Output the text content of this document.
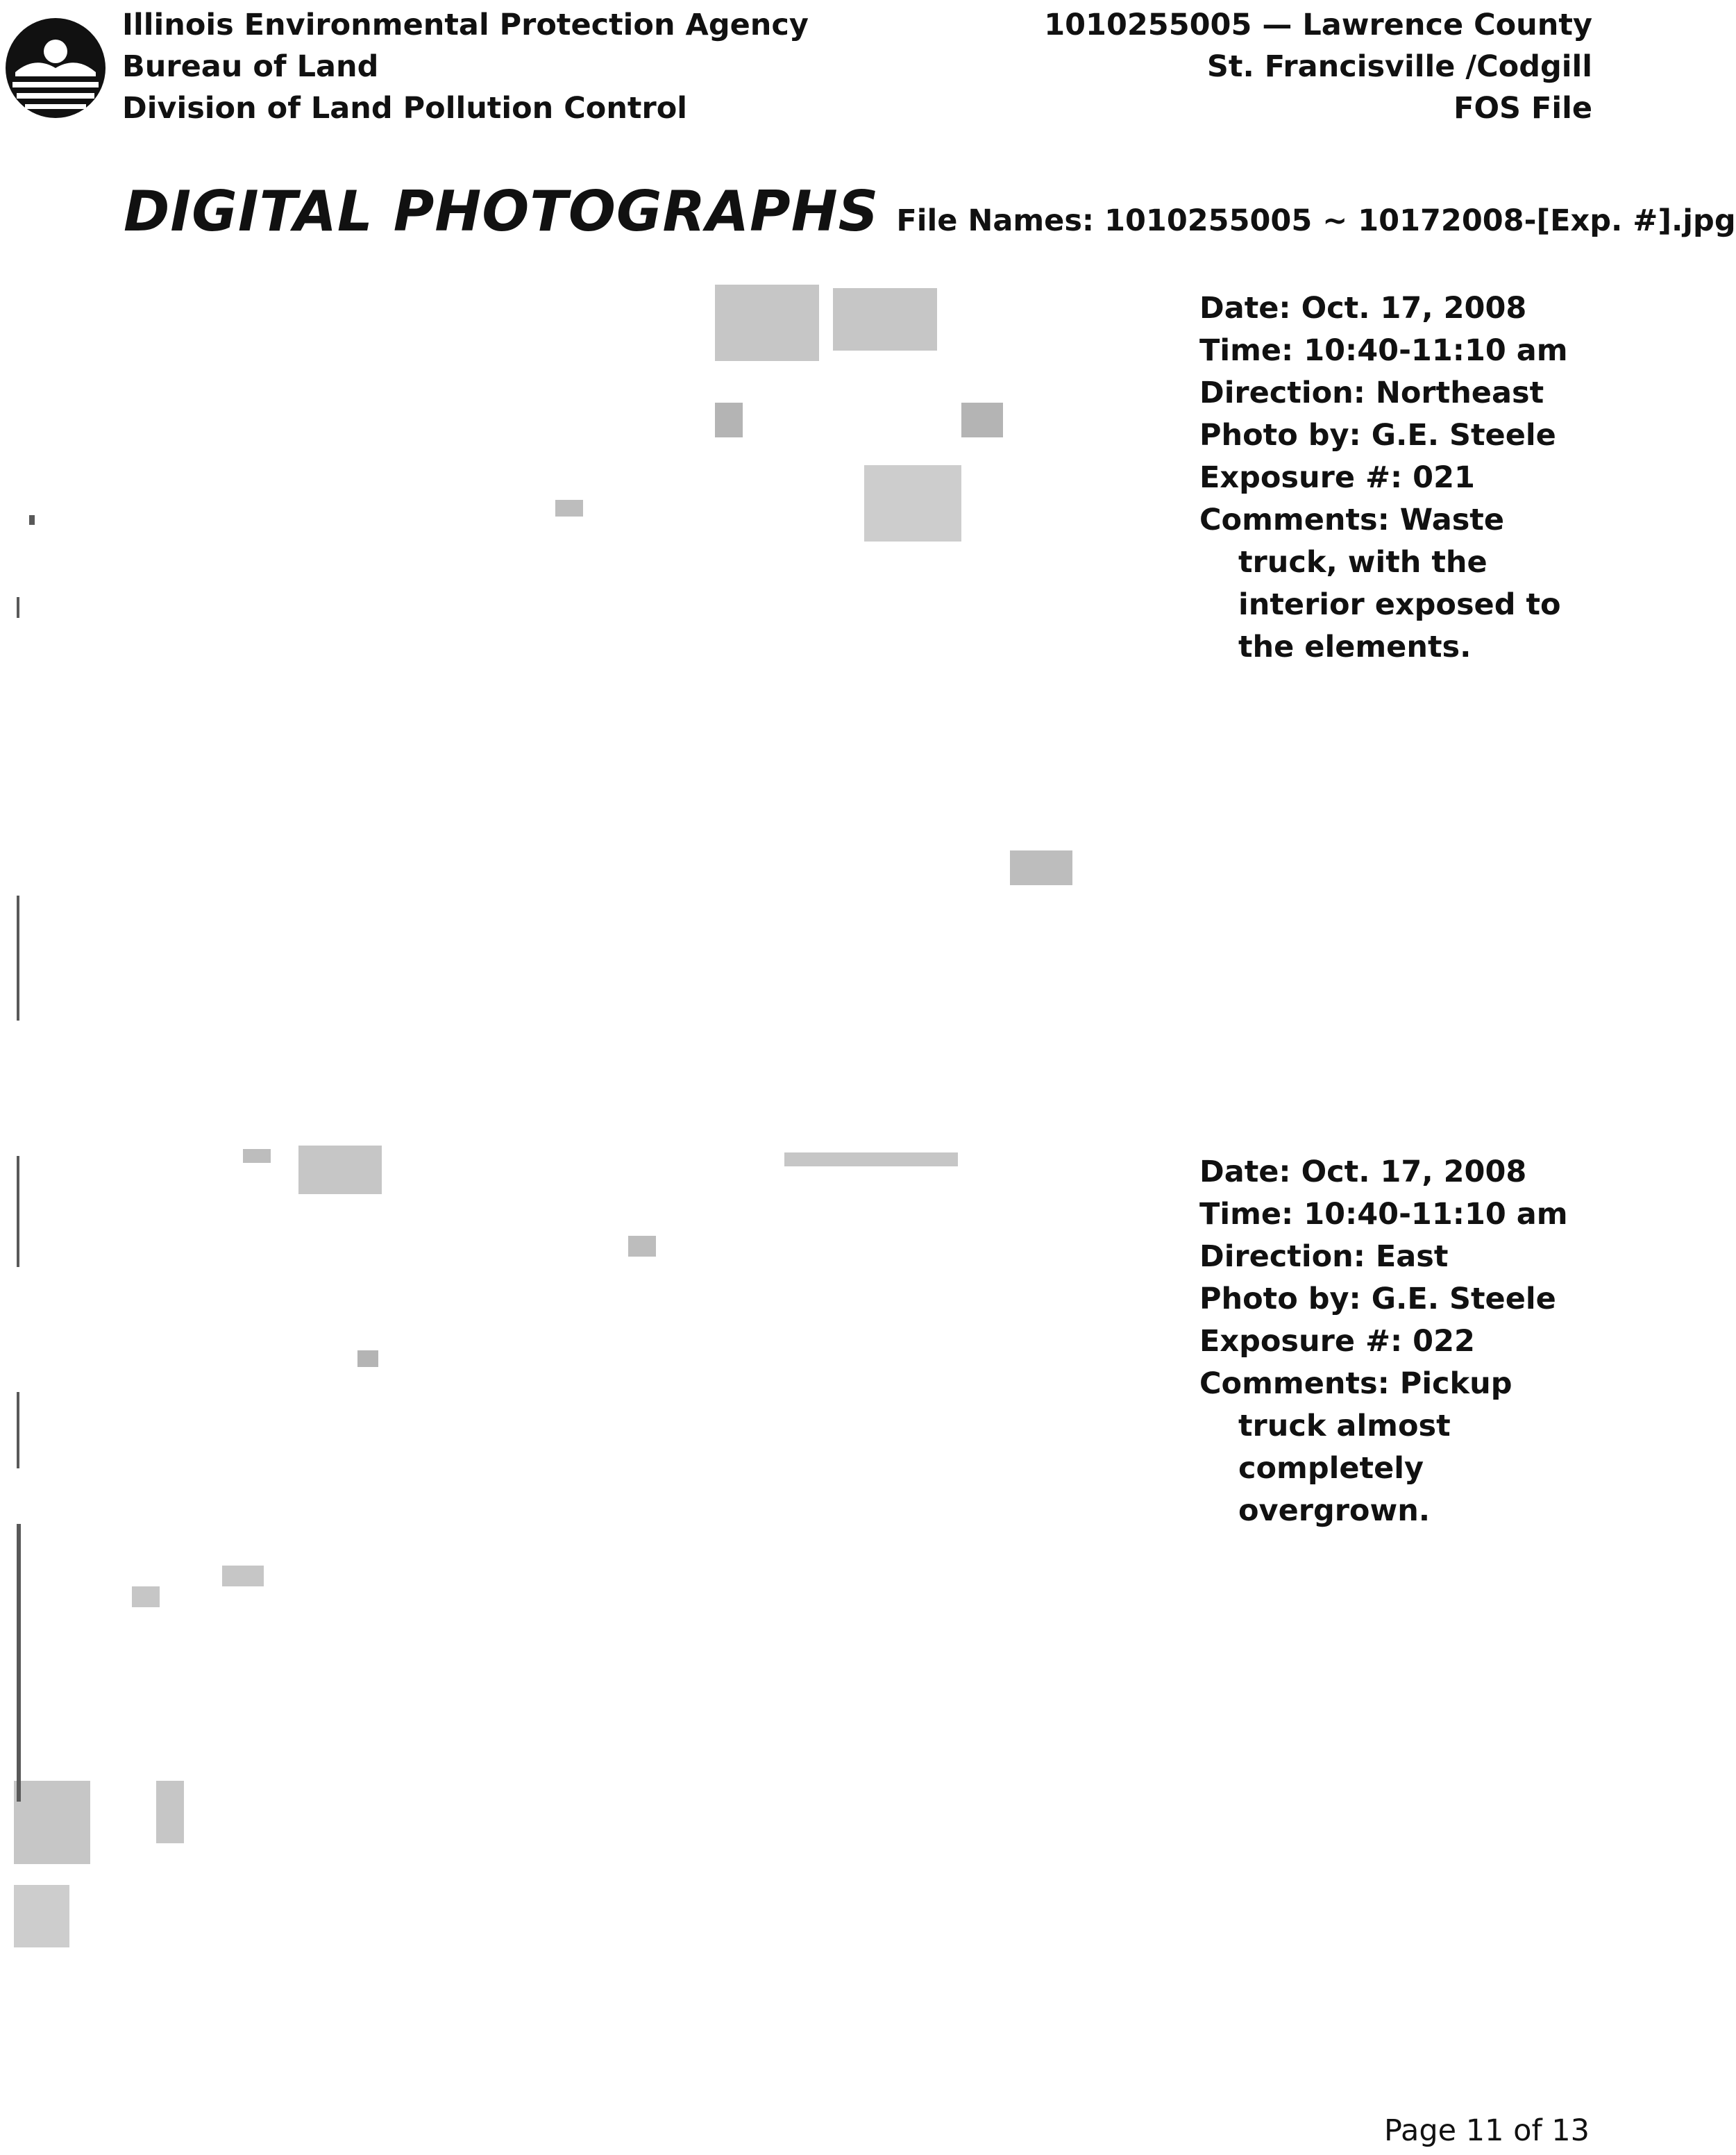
Illinois Environmental Protection Agency
Bureau of Land
Division of Land Pollution Control
1010255005 — Lawrence County
St. Francisville /Codgill
FOS File
DIGITAL PHOTOGRAPHS File Names: 1010255005 ~ 10172008-[Exp. #].jpg
Date: Oct. 17, 2008
Time: 10:40-11:10 am
Direction: Northeast
Photo by: G.E. Steele
Exposure #: 021
Comments: Waste
truck, with the
interior exposed to
the elements.
Date: Oct. 17, 2008
Time: 10:40-11:10 am
Direction: East
Photo by: G.E. Steele
Exposure #: 022
Comments: Pickup
truck almost
completely
overgrown.
Page 11 of 13
